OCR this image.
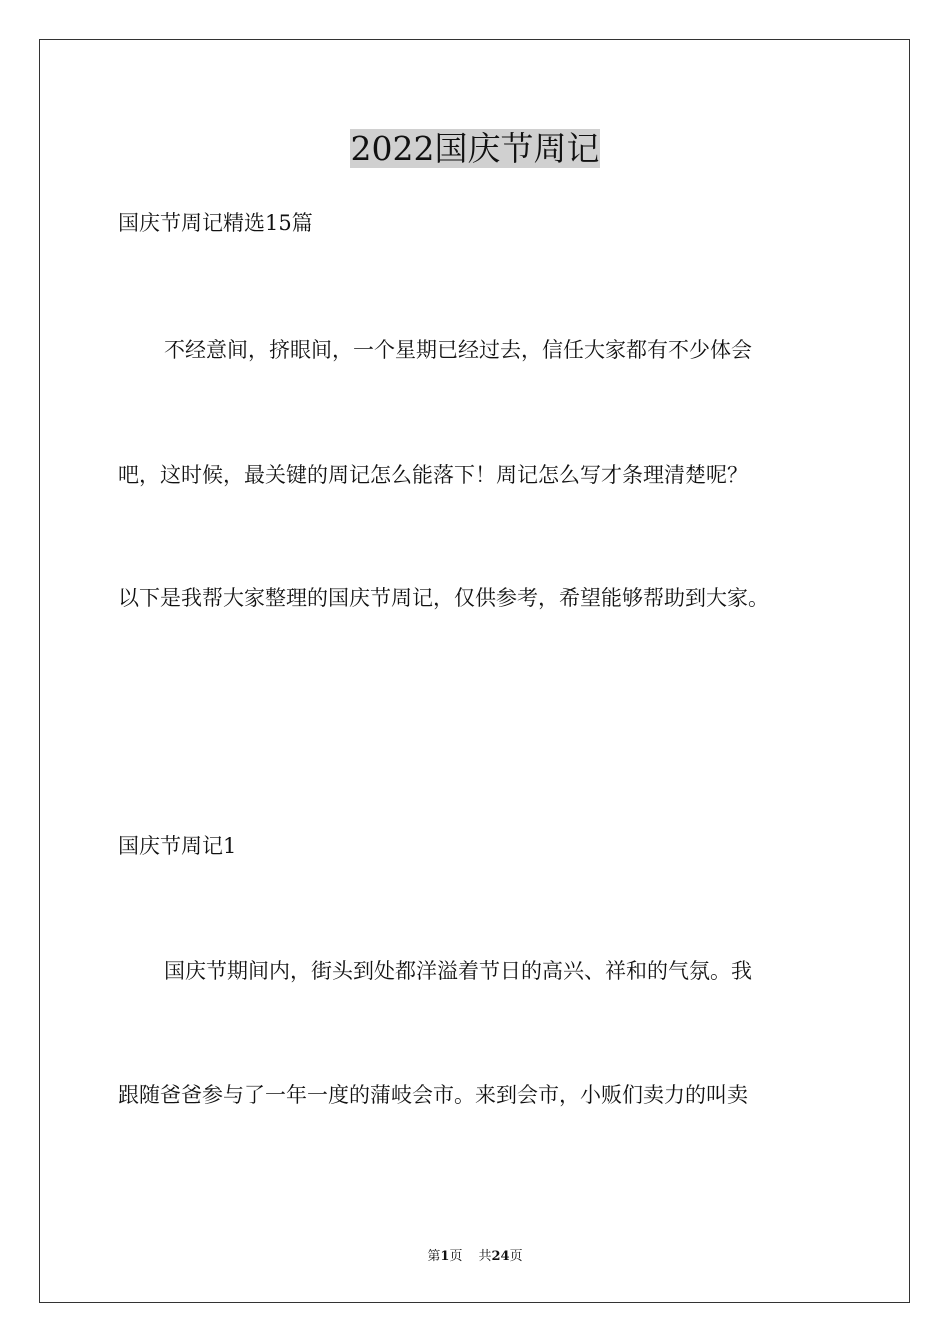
2022国庆节周记

国庆节周记精选15篇

不经意间，挤眼间，一个星期已经过去，信任大家都有不少体会

吧，这时候，最关键的周记怎么能落下！周记怎么写才条理清楚呢？

以下是我帮大家整理的国庆节周记，仅供参考，希望能够帮助到大家。

国庆节周记1

国庆节期间内，街头到处都洋溢着节日的高兴、祥和的气氛。我

跟随爸爸参与了一年一度的蒲岐会市。来到会市，小贩们卖力的叫卖

第1页 共24页
